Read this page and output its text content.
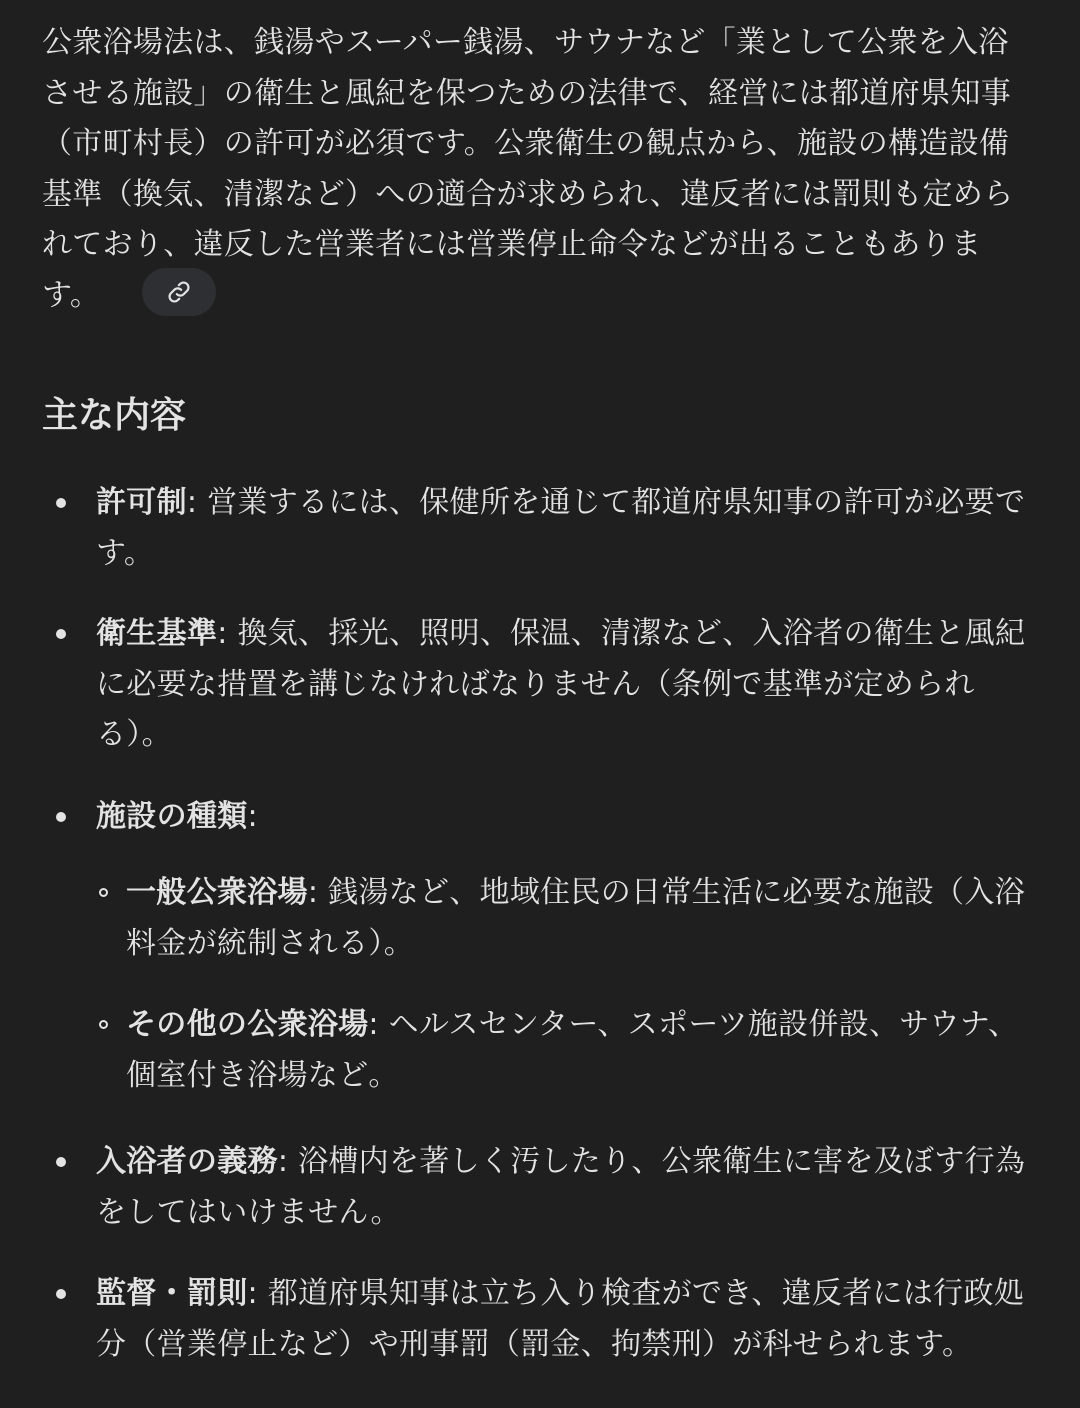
公衆浴場法は、銭湯やスーパー銭湯、サウナなど「業として公衆を入浴させる施設」の衛生と風紀を保つための法律で、経営には都道府県知事（市町村長）の許可が必須です。公衆衛生の観点から、施設の構造設備基準（換気、清潔など）への適合が求められ、違反者には罰則も定められており、違反した営業者には営業停止命令などが出ることもあります。

主な内容
許可制: 営業するには、保健所を通じて都道府県知事の許可が必要です。
衛生基準: 換気、採光、照明、保温、清潔など、入浴者の衛生と風紀に必要な措置を講じなければなりません（条例で基準が定められる）。
施設の種類:
一般公衆浴場: 銭湯など、地域住民の日常生活に必要な施設（入浴料金が統制される）。
その他の公衆浴場: ヘルスセンター、スポーツ施設併設、サウナ、個室付き浴場など。
入浴者の義務: 浴槽内を著しく汚したり、公衆衛生に害を及ぼす行為をしてはいけません。
監督・罰則: 都道府県知事は立ち入り検査ができ、違反者には行政処分（営業停止など）や刑事罰（罰金、拘禁刑）が科せられます。
